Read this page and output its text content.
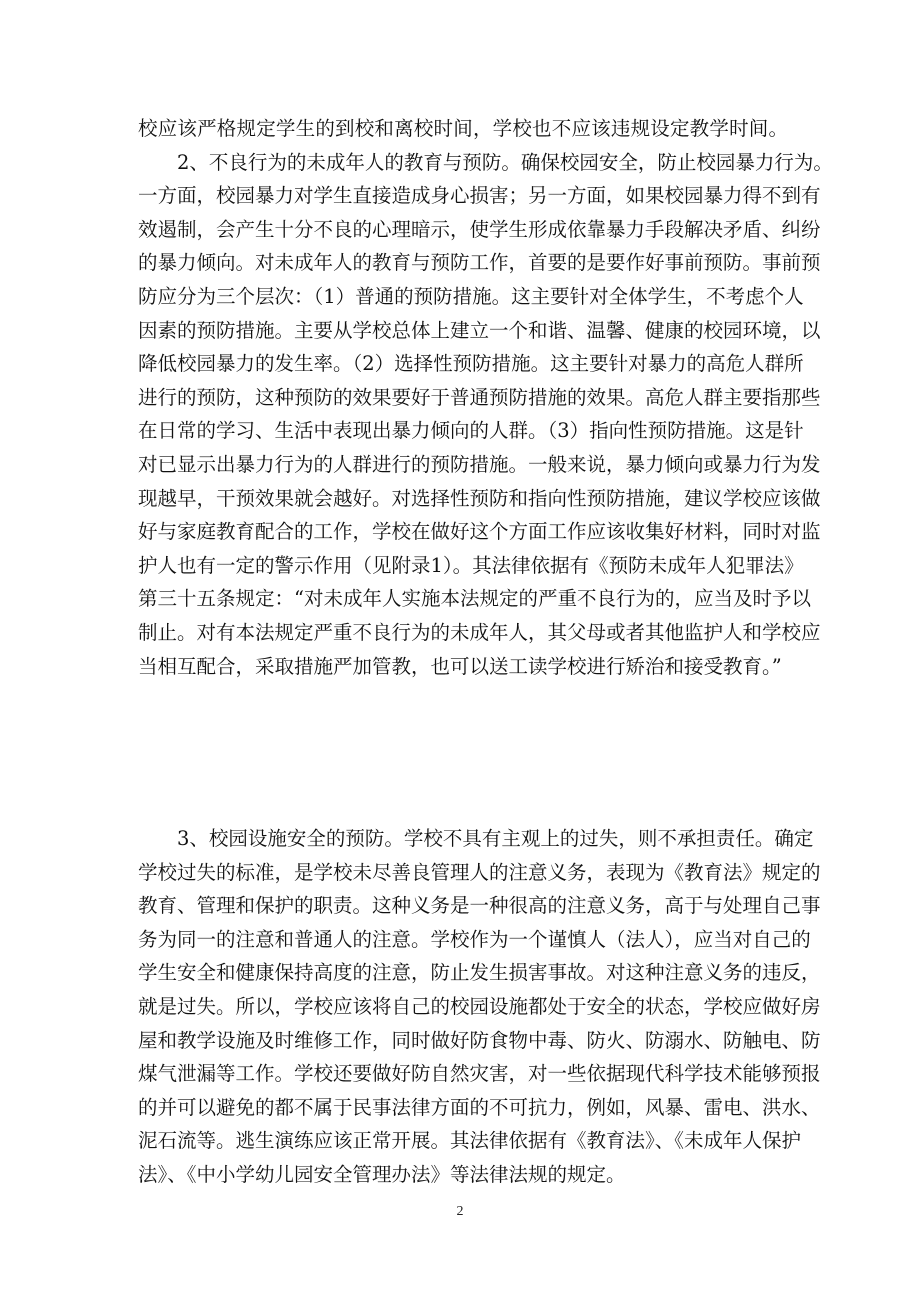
校应该严格规定学生的到校和离校时间，学校也不应该违规设定教学时间。
　　2、不良行为的未成年人的教育与预防。确保校园安全，防止校园暴力行为。
一方面，校园暴力对学生直接造成身心损害；另一方面，如果校园暴力得不到有
效遏制，会产生十分不良的心理暗示，使学生形成依靠暴力手段解决矛盾、纠纷
的暴力倾向。对未成年人的教育与预防工作，首要的是要作好事前预防。事前预
防应分为三个层次：（1）普通的预防措施。这主要针对全体学生，不考虑个人
因素的预防措施。主要从学校总体上建立一个和谐、温馨、健康的校园环境，以
降低校园暴力的发生率。（2）选择性预防措施。这主要针对暴力的高危人群所
进行的预防，这种预防的效果要好于普通预防措施的效果。高危人群主要指那些
在日常的学习、生活中表现出暴力倾向的人群。（3）指向性预防措施。这是针
对已显示出暴力行为的人群进行的预防措施。一般来说，暴力倾向或暴力行为发
现越早，干预效果就会越好。对选择性预防和指向性预防措施，建议学校应该做
好与家庭教育配合的工作，学校在做好这个方面工作应该收集好材料，同时对监
护人也有一定的警示作用（见附录1）。其法律依据有《预防未成年人犯罪法》
第三十五条规定：“对未成年人实施本法规定的严重不良行为的，应当及时予以
制止。对有本法规定严重不良行为的未成年人，其父母或者其他监护人和学校应
当相互配合，采取措施严加管教，也可以送工读学校进行矫治和接受教育。”
　　3、校园设施安全的预防。学校不具有主观上的过失，则不承担责任。确定
学校过失的标准，是学校未尽善良管理人的注意义务，表现为《教育法》规定的
教育、管理和保护的职责。这种义务是一种很高的注意义务，高于与处理自己事
务为同一的注意和普通人的注意。学校作为一个谨慎人（法人），应当对自己的
学生安全和健康保持高度的注意，防止发生损害事故。对这种注意义务的违反，
就是过失。所以，学校应该将自己的校园设施都处于安全的状态，学校应做好房
屋和教学设施及时维修工作，同时做好防食物中毒、防火、防溺水、防触电、防
煤气泄漏等工作。学校还要做好防自然灾害，对一些依据现代科学技术能够预报
的并可以避免的都不属于民事法律方面的不可抗力，例如，风暴、雷电、洪水、
泥石流等。逃生演练应该正常开展。其法律依据有《教育法》、《未成年人保护
法》、《中小学幼儿园安全管理办法》等法律法规的规定。
2
